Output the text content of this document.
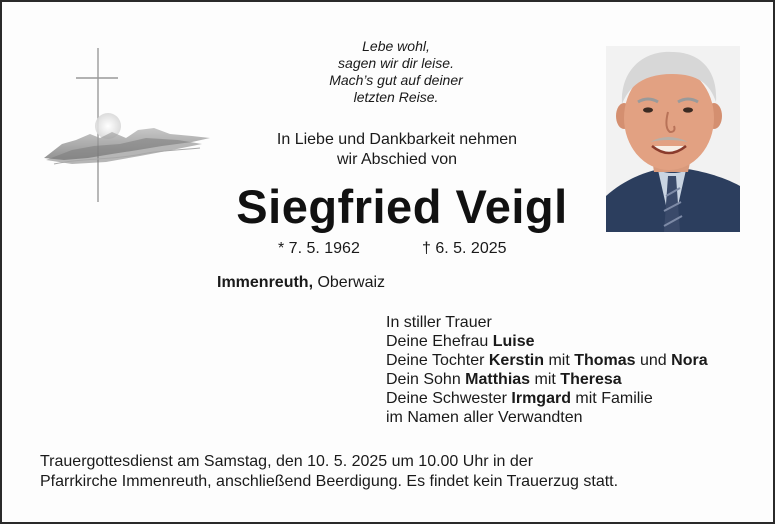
Lebe wohl,
sagen wir dir leise.
Mach’s gut auf deiner
letzten Reise.
In Liebe und Dankbarkeit nehmen
wir Abschied von
Siegfried Veigl
* 7. 5. 1962	† 6. 5. 2025
Immenreuth, Oberwaiz
In stiller Trauer
Deine Ehefrau Luise
Deine Tochter Kerstin mit Thomas und Nora
Dein Sohn Matthias mit Theresa
Deine Schwester Irmgard mit Familie
im Namen aller Verwandten
Trauergottesdienst am Samstag, den 10. 5. 2025 um 10.00 Uhr in der
Pfarrkirche Immenreuth, anschließend Beerdigung. Es findet kein Trauerzug statt.
